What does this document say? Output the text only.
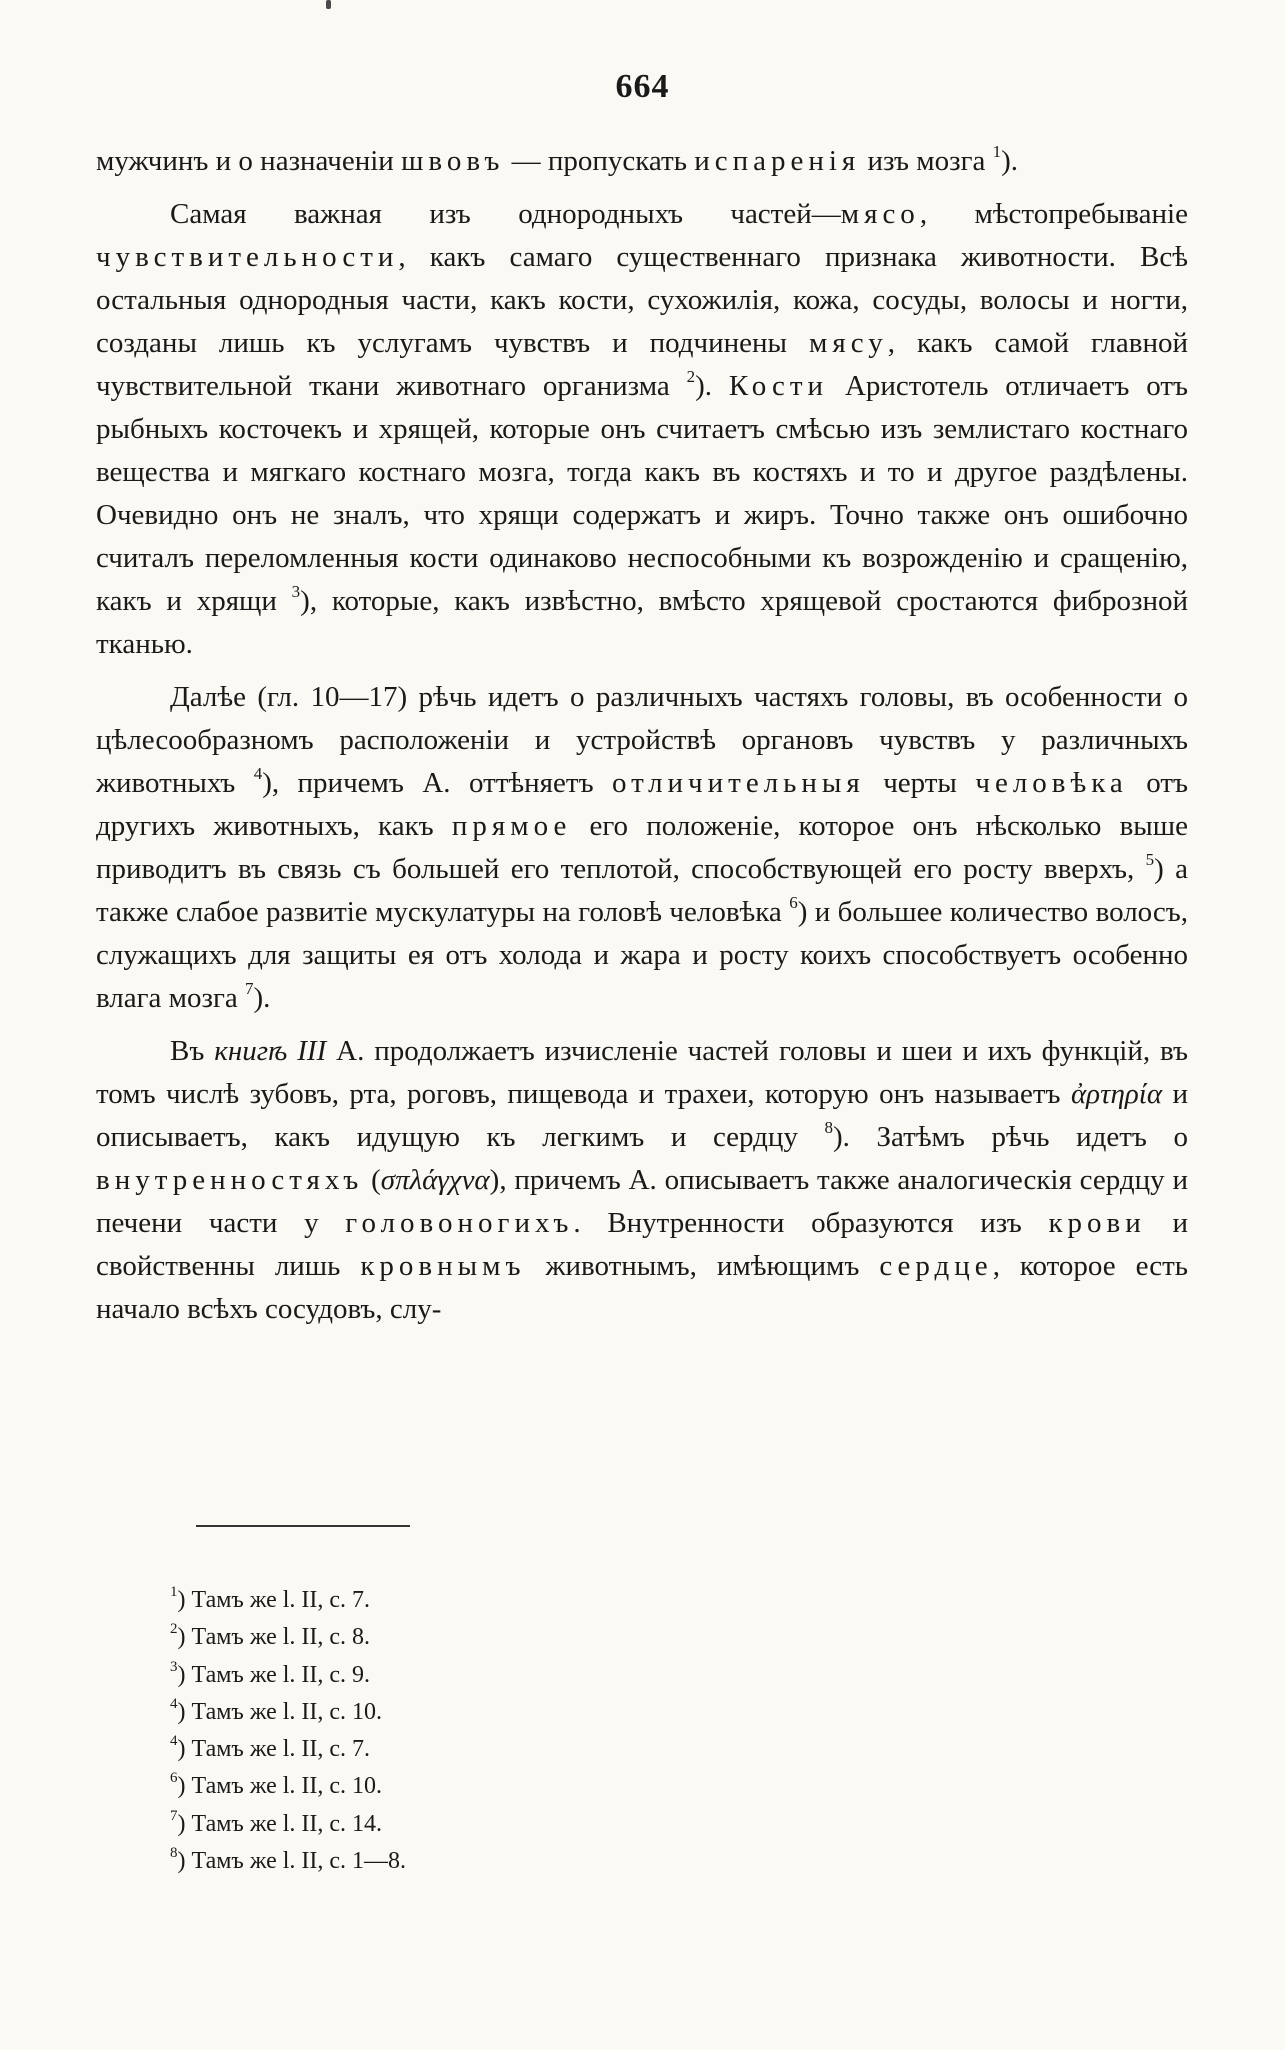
664

мужчинъ и о назначеніи швовъ — пропускать испаренія изъ мозга $^1$).

Самая важная изъ однородныхъ частей—мясо, мѣстопребываніе чувствительности, какъ самаго существеннаго признака животности. Всѣ остальныя однородныя части, какъ кости, сухожилія, кожа, сосуды, волосы и ногти, созданы лишь къ услугамъ чувствъ и подчинены мясу, какъ самой главной чувствительной ткани животнаго организма $^2$). Кости Аристотель отличаетъ отъ рыбныхъ косточекъ и хрящей, которые онъ считаетъ смѣсью изъ землистаго костнаго вещества и мягкаго костнаго мозга, тогда какъ въ костяхъ и то и другое раздѣлены. Очевидно онъ не зналъ, что хрящи содержатъ и жиръ. Точно также онъ ошибочно считалъ переломленныя кости одинаково неспособными къ возрожденію и сращенію, какъ и хрящи $^3$), которые, какъ извѣстно, вмѣсто хрящевой сростаются фиброзной тканью.

Далѣе (гл. 10—17) рѣчь идетъ о различныхъ частяхъ головы, въ особенности о цѣлесообразномъ расположеніи и устройствѣ органовъ чувствъ у различныхъ животныхъ $^4$), причемъ А. оттѣняетъ отличительныя черты человѣка отъ другихъ животныхъ, какъ прямое его положеніе, которое онъ нѣсколько выше приводитъ въ связь съ большей его теплотой, способствующей его росту вверхъ, $^5$) а также слабое развитіе мускулатуры на головѣ человѣка $^6$) и большее количество волосъ, служащихъ для защиты ея отъ холода и жара и росту коихъ способствуетъ особенно влага мозга $^7$).

Въ книгѣ III А. продолжаетъ изчисленіе частей головы и шеи и ихъ функцій, въ томъ числѣ зубовъ, рта, роговъ, пищевода и трахеи, которую онъ называетъ ἀρτηρία и описываетъ, какъ идущую къ легкимъ и сердцу $^8$). Затѣмъ рѣчь идетъ о внутренностяхъ (σπλάγχνα), причемъ А. описываетъ также аналогическія сердцу и печени части у головоногихъ. Внутренности образуются изъ крови и свойственны лишь кровнымъ животнымъ, имѣющимъ сердце, которое есть начало всѣхъ сосудовъ, слу-

$^1$) Тамъ же l. II, c. 7.
$^2$) Тамъ же l. II, c. 8.
$^3$) Тамъ же l. II, c. 9.
$^4$) Тамъ же l. II, c. 10.
$^4$) Тамъ же l. II, c. 7.
$^6$) Тамъ же l. II, c. 10.
$^7$) Тамъ же l. II, c. 14.
$^8$) Тамъ же l. II, c. 1—8.
